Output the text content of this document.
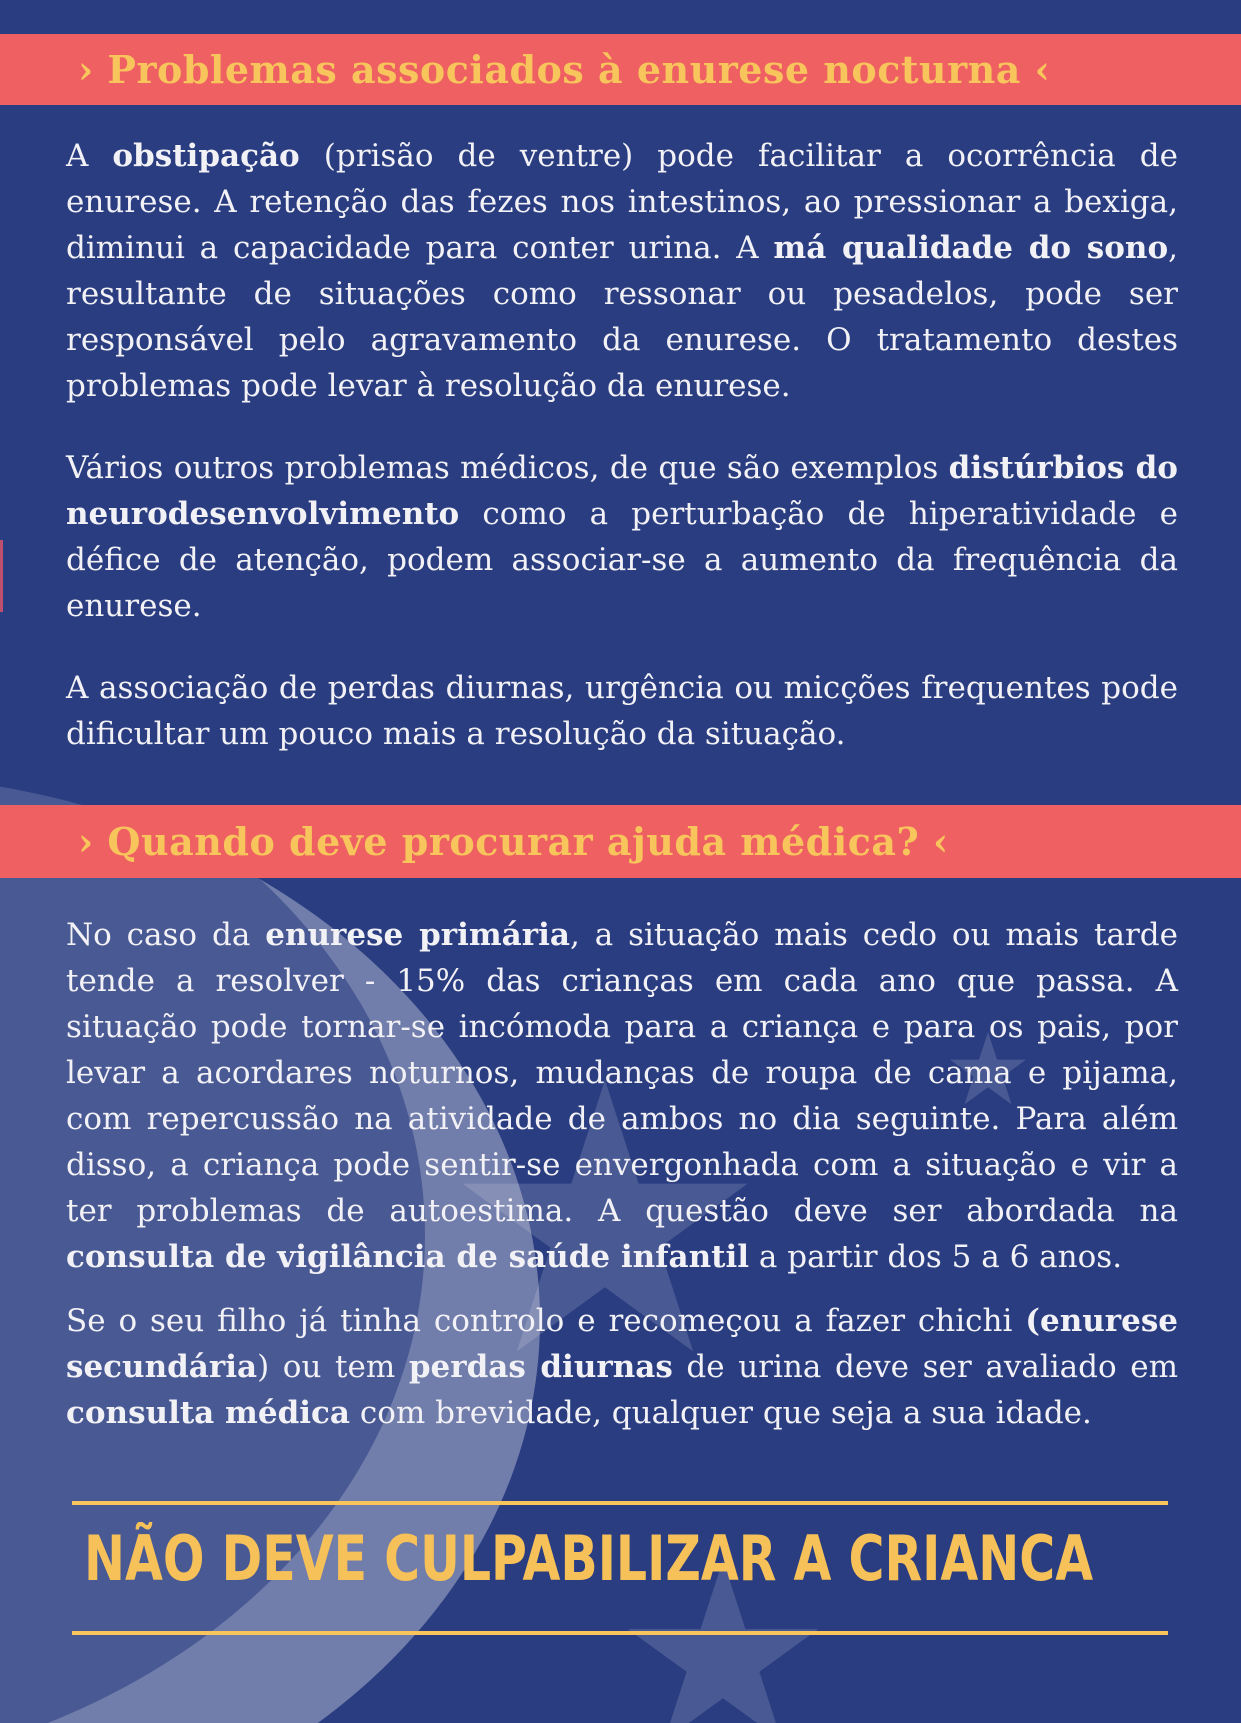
› Problemas associados à enurese nocturna ‹

A obstipação (prisão de ventre) pode facilitar a ocorrência de enurese. A retenção das fezes nos intestinos, ao pressionar a bexiga, diminui a capacidade para conter urina. A má qualidade do sono, resultante de situações como ressonar ou pesadelos, pode ser responsável pelo agravamento da enurese. O tratamento destes problemas pode levar à resolução da enurese.

Vários outros problemas médicos, de que são exemplos distúrbios do neurodesenvolvimento como a perturbação de hiperatividade e défice de atenção, podem associar-se a aumento da frequência da enurese.

A associação de perdas diurnas, urgência ou micções frequentes pode dificultar um pouco mais a resolução da situação.

› Quando deve procurar ajuda médica? ‹

No caso da enurese primária, a situação mais cedo ou mais tarde tende a resolver - 15% das crianças em cada ano que passa. A situação pode tornar-se incómoda para a criança e para os pais, por levar a acordares noturnos, mudanças de roupa de cama e pijama, com repercussão na atividade de ambos no dia seguinte. Para além disso, a criança pode sentir-se envergonhada com a situação e vir a ter problemas de autoestima. A questão deve ser abordada na consulta de vigilância de saúde infantil a partir dos 5 a 6 anos.

Se o seu filho já tinha controlo e recomeçou a fazer chichi (enurese secundária) ou tem perdas diurnas de urina deve ser avaliado em consulta médica com brevidade, qualquer que seja a sua idade.

NÃO DEVE CULPABILIZAR A CRIANCA
